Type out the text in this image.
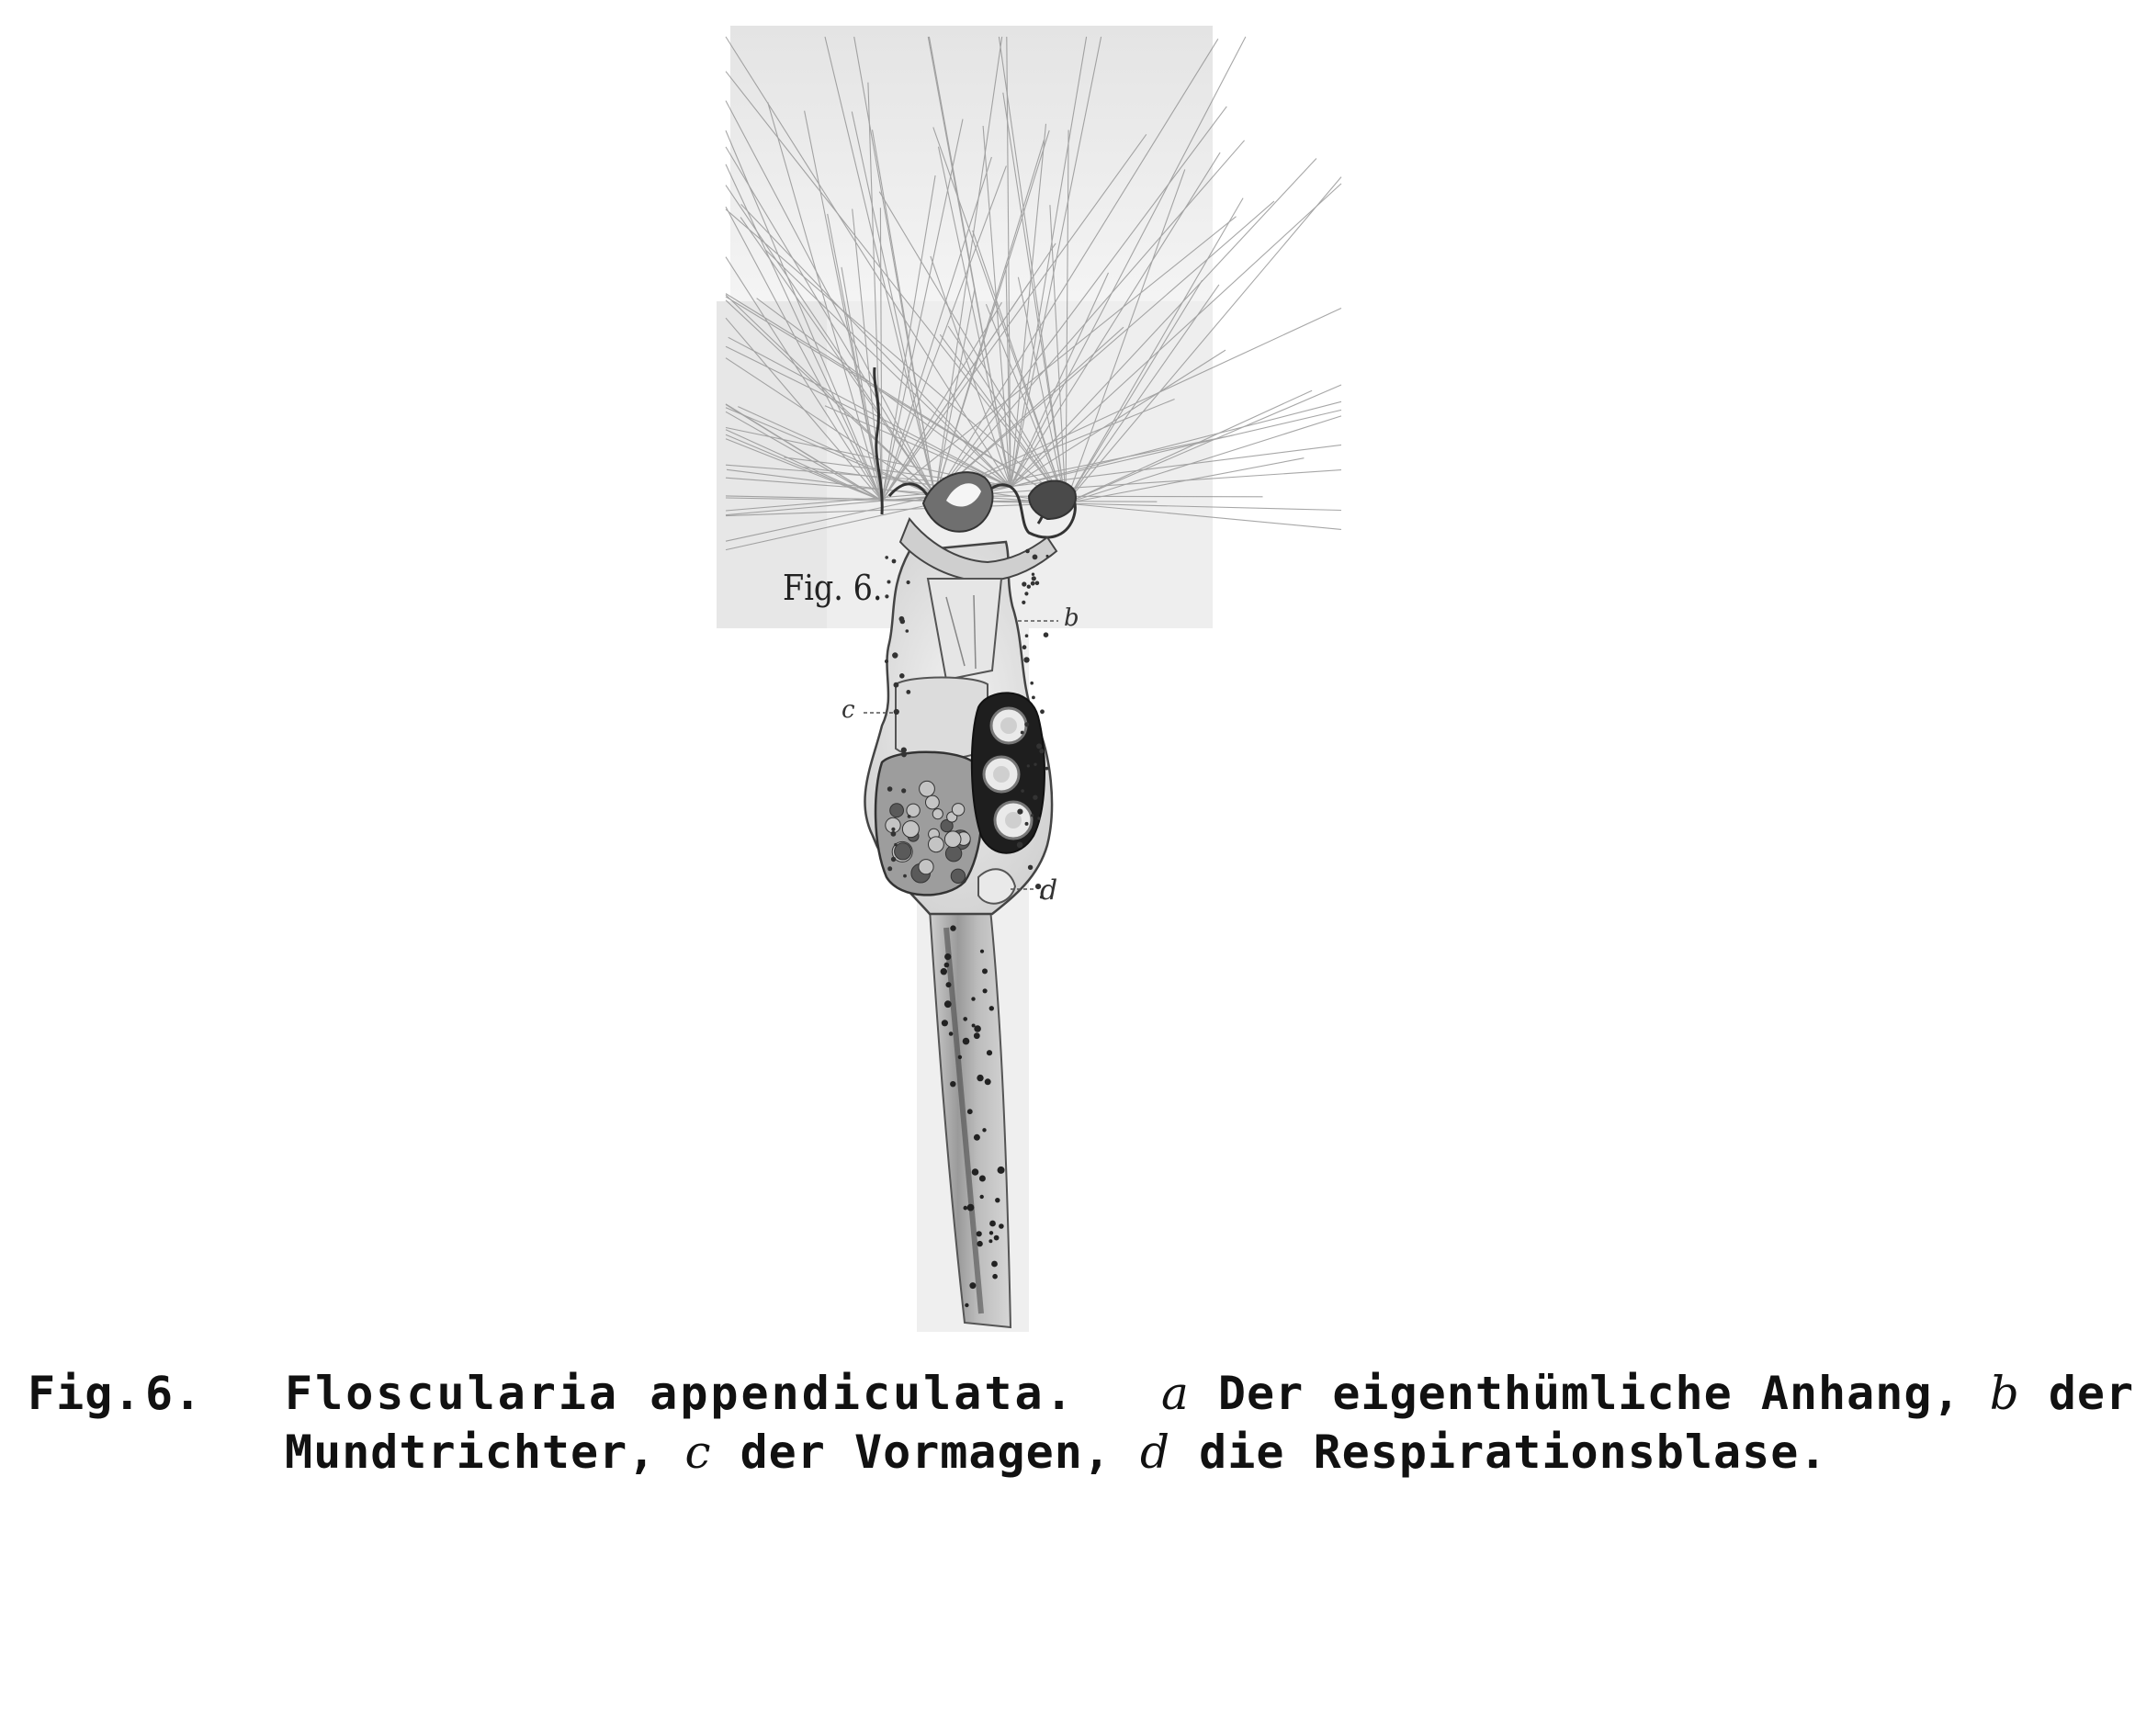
Fig. 6.
b
c
d
Fig.6. Floscularia appendiculata. a Der eigenthümliche Anhang, b der
Mundtrichter, c der Vormagen, d die Respirationsblase.
